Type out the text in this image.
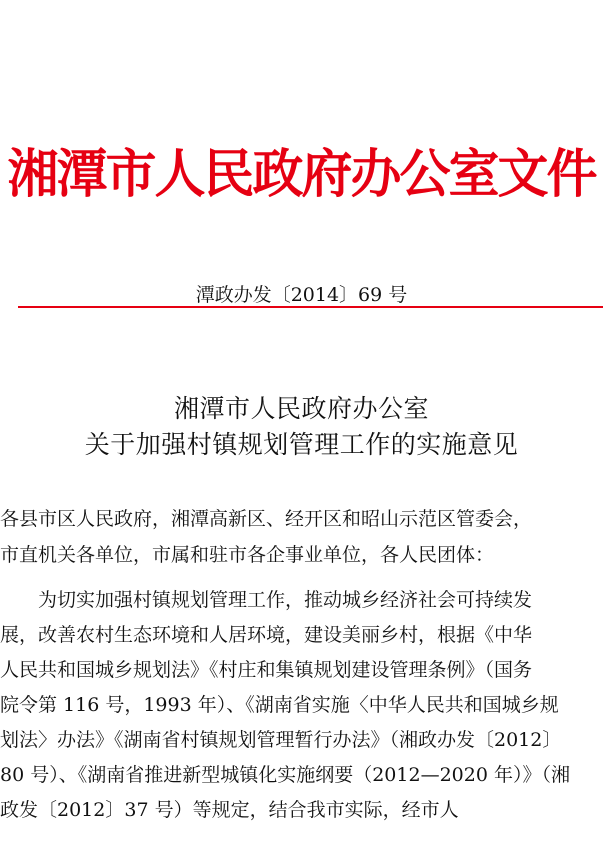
湘潭市人民政府办公室文件
潭政办发〔2014〕69 号
湘潭市人民政府办公室
关于加强村镇规划管理工作的实施意见
各县市区人民政府，湘潭高新区、经开区和昭山示范区管委会，
市直机关各单位，市属和驻市各企事业单位，各人民团体：
为切实加强村镇规划管理工作，推动城乡经济社会可持续发
展，改善农村生态环境和人居环境，建设美丽乡村，根据《中华
人民共和国城乡规划法》《村庄和集镇规划建设管理条例》（国务
院令第 116 号，1993 年）、《湖南省实施〈中华人民共和国城乡规
划法〉办法》《湖南省村镇规划管理暂行办法》（湘政办发〔2012〕
80 号）、《湖南省推进新型城镇化实施纲要（2012—2020 年）》（湘
政发〔2012〕37 号）等规定，结合我市实际，经市人
